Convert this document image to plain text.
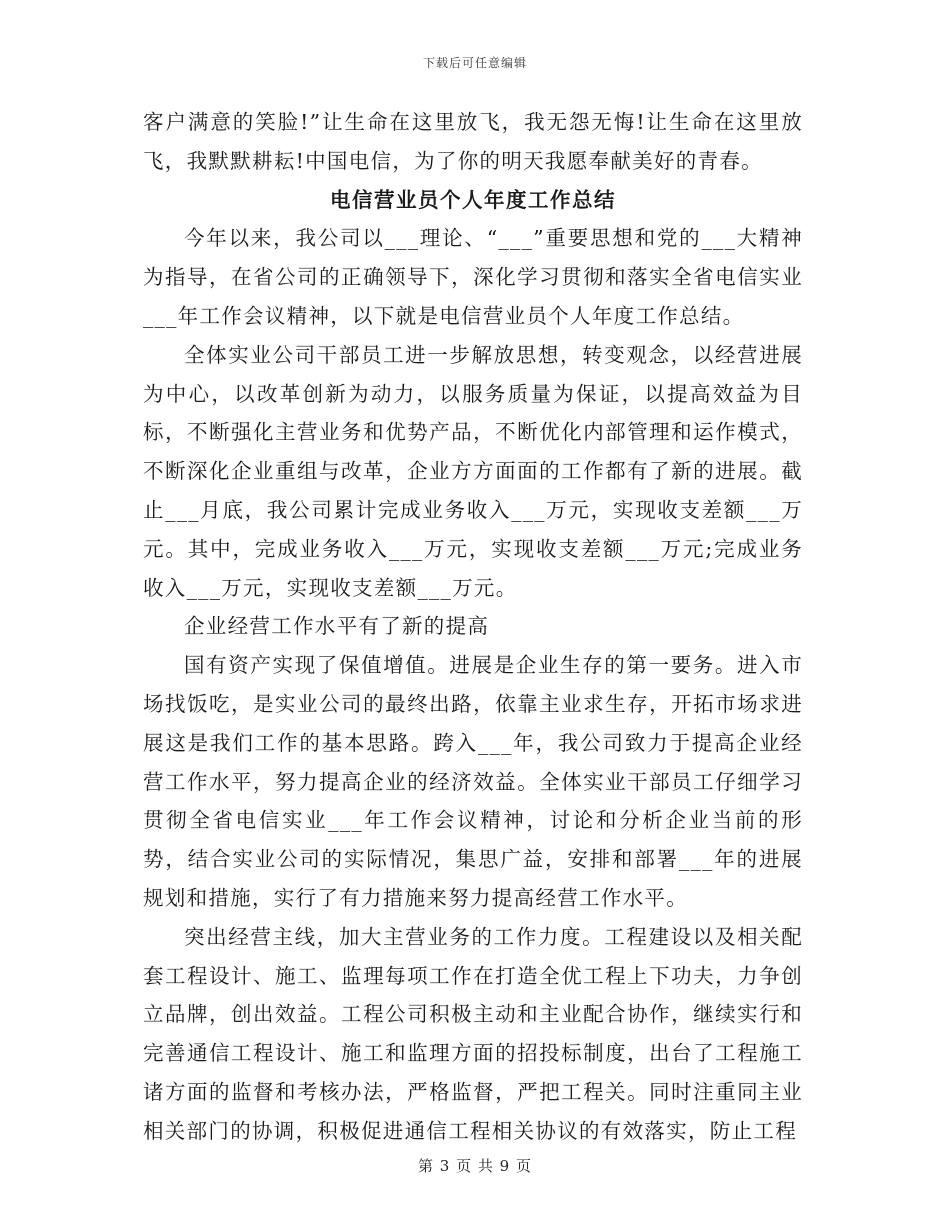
下载后可任意编辑

客户满意的笑脸!”让生命在这里放飞，我无怨无悔!让生命在这里放飞，我默默耕耘!中国电信，为了你的明天我愿奉献美好的青春。

电信营业员个人年度工作总结

今年以来，我公司以___理论、“___”重要思想和党的___大精神为指导，在省公司的正确领导下，深化学习贯彻和落实全省电信实业___年工作会议精神，以下就是电信营业员个人年度工作总结。

全体实业公司干部员工进一步解放思想，转变观念，以经营进展为中心，以改革创新为动力，以服务质量为保证，以提高效益为目标，不断强化主营业务和优势产品，不断优化内部管理和运作模式，不断深化企业重组与改革，企业方方面面的工作都有了新的进展。截止___月底，我公司累计完成业务收入___万元，实现收支差额___万元。其中，完成业务收入___万元，实现收支差额___万元;完成业务收入___万元，实现收支差额___万元。

企业经营工作水平有了新的提高

国有资产实现了保值增值。进展是企业生存的第一要务。进入市场找饭吃，是实业公司的最终出路，依靠主业求生存，开拓市场求进展这是我们工作的基本思路。跨入___年，我公司致力于提高企业经营工作水平，努力提高企业的经济效益。全体实业干部员工仔细学习贯彻全省电信实业___年工作会议精神，讨论和分析企业当前的形势，结合实业公司的实际情况，集思广益，安排和部署___年的进展规划和措施，实行了有力措施来努力提高经营工作水平。

突出经营主线，加大主营业务的工作力度。工程建设以及相关配套工程设计、施工、监理每项工作在打造全优工程上下功夫，力争创立品牌，创出效益。工程公司积极主动和主业配合协作，继续实行和完善通信工程设计、施工和监理方面的招投标制度，出台了工程施工诸方面的监督和考核办法，严格监督，严把工程关。同时注重同主业相关部门的协调，积极促进通信工程相关协议的有效落实，防止工程

第 3 页 共 9 页
